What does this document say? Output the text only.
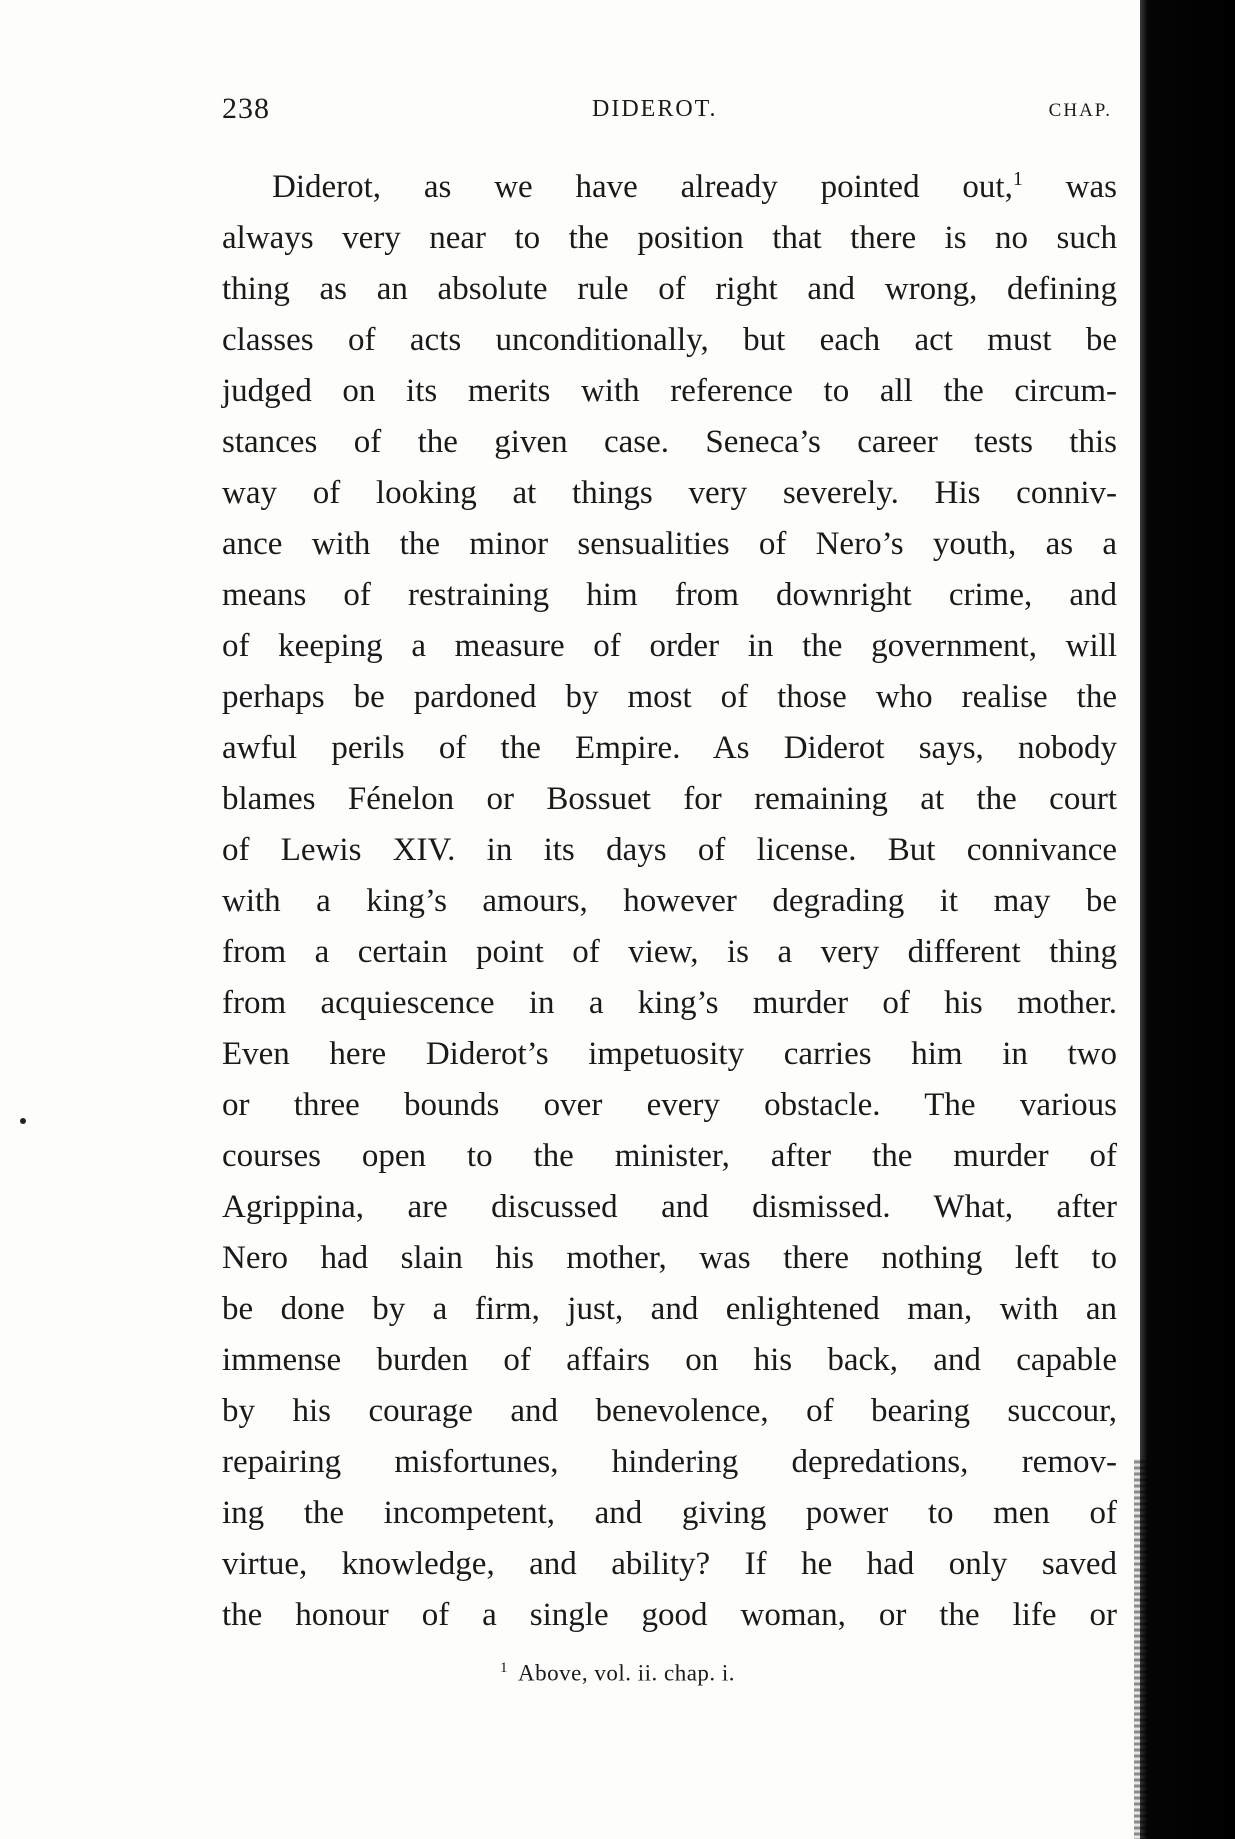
238	DIDEROT.	CHAP.
Diderot, as we have already pointed out,$^1$ was
always very near to the position that there is no such
thing as an absolute rule of right and wrong, defining
classes of acts unconditionally, but each act must be
judged on its merits with reference to all the circum-
stances of the given case. Seneca’s career tests this
way of looking at things very severely. His conniv-
ance with the minor sensualities of Nero’s youth, as a
means of restraining him from downright crime, and
of keeping a measure of order in the government, will
perhaps be pardoned by most of those who realise the
awful perils of the Empire. As Diderot says, nobody
blames Fénelon or Bossuet for remaining at the court
of Lewis XIV. in its days of license. But connivance
with a king’s amours, however degrading it may be
from a certain point of view, is a very different thing
from acquiescence in a king’s murder of his mother.
Even here Diderot’s impetuosity carries him in two
or three bounds over every obstacle. The various
courses open to the minister, after the murder of
Agrippina, are discussed and dismissed. What, after
Nero had slain his mother, was there nothing left to
be done by a firm, just, and enlightened man, with an
immense burden of affairs on his back, and capable
by his courage and benevolence, of bearing succour,
repairing misfortunes, hindering depredations, remov-
ing the incompetent, and giving power to men of
virtue, knowledge, and ability? If he had only saved
the honour of a single good woman, or the life or
$^1$ Above, vol. ii. chap. i.
